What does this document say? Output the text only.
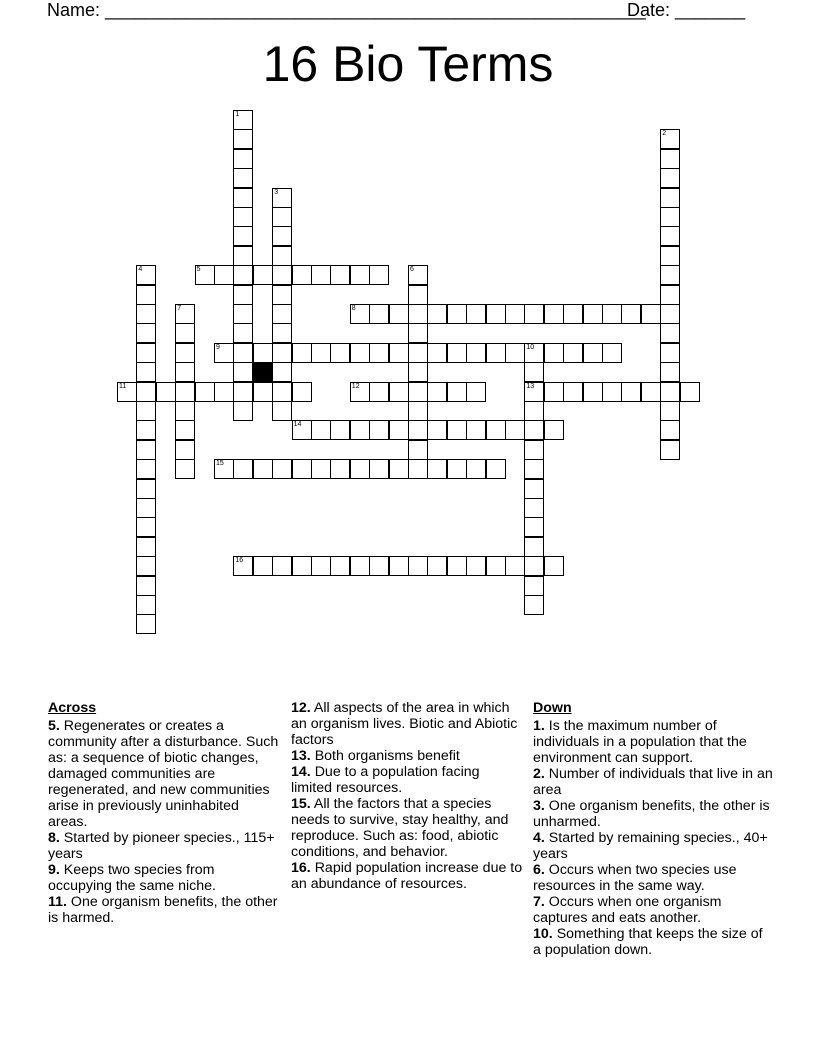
Name: ______________________________________________________
Date: _______
16 Bio Terms
1
2
3
4	5	6
7	8
9	10
13
11	12
14
15
16
Across
5. Regenerates or creates a community after a disturbance. Such as: a sequence of biotic changes, damaged communities are regenerated, and new communities arise in previously uninhabited areas.
8. Started by pioneer species., 115+ years
9. Keeps two species from occupying the same niche.
11. One organism benefits, the other is harmed.
12. All aspects of the area in which an organism lives. Biotic and Abiotic factors
13. Both organisms benefit
14. Due to a population facing limited resources.
15. All the factors that a species needs to survive, stay healthy, and reproduce. Such as: food, abiotic conditions, and behavior.
16. Rapid population increase due to an abundance of resources.
Down
1. Is the maximum number of individuals in a population that the environment can support.
2. Number of individuals that live in an area
3. One organism benefits, the other is unharmed.
4. Started by remaining species., 40+ years
6. Occurs when two species use resources in the same way.
7. Occurs when one organism captures and eats another.
10. Something that keeps the size of a population down.
